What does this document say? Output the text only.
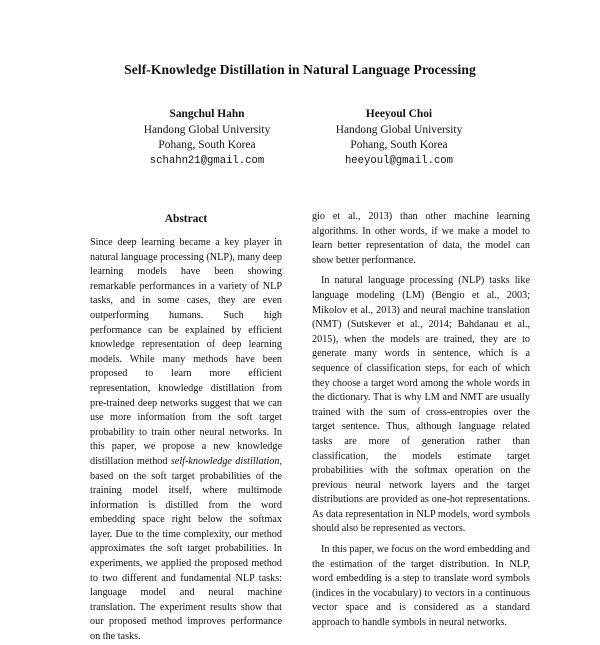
Self-Knowledge Distillation in Natural Language Processing
Sangchul Hahn
Handong Global University
Pohang, South Korea
schahn21@gmail.com
Heeyoul Choi
Handong Global University
Pohang, South Korea
heeyoul@gmail.com
Abstract

Since deep learning became a key player in natural language processing (NLP), many deep learning models have been showing remarkable performances in a variety of NLP tasks, and in some cases, they are even outperforming humans. Such high performance can be explained by efficient knowledge representation of deep learning models. While many methods have been proposed to learn more efficient representation, knowledge distillation from pre-trained deep networks suggest that we can use more information from the soft target probability to train other neural networks. In this paper, we propose a new knowledge distillation method self-knowledge distillation, based on the soft target probabilities of the training model itself, where multimode information is distilled from the word embedding space right below the softmax layer. Due to the time complexity, our method approximates the soft target probabilities. In experiments, we applied the proposed method to two different and fundamental NLP tasks: language model and neural machine translation. The experiment results show that our proposed method improves performance on the tasks.

gio et al., 2013) than other machine learning algorithms. In other words, if we make a model to learn better representation of data, the model can show better performance.

In natural language processing (NLP) tasks like language modeling (LM) (Bengio et al., 2003; Mikolov et al., 2013) and neural machine translation (NMT) (Sutskever et al., 2014; Bahdanau et al., 2015), when the models are trained, they are to generate many words in sentence, which is a sequence of classification steps, for each of which they choose a target word among the whole words in the dictionary. That is why LM and NMT are usually trained with the sum of cross-entropies over the target sentence. Thus, although language related tasks are more of generation rather than classification, the models estimate target probabilities with the softmax operation on the previous neural network layers and the target distributions are provided as one-hot representations. As data representation in NLP models, word symbols should also be represented as vectors.

In this paper, we focus on the word embedding and the estimation of the target distribution. In NLP, word embedding is a step to translate word symbols (indices in the vocabulary) to vectors in a continuous vector space and is considered as a standard approach to handle symbols in neural networks.
